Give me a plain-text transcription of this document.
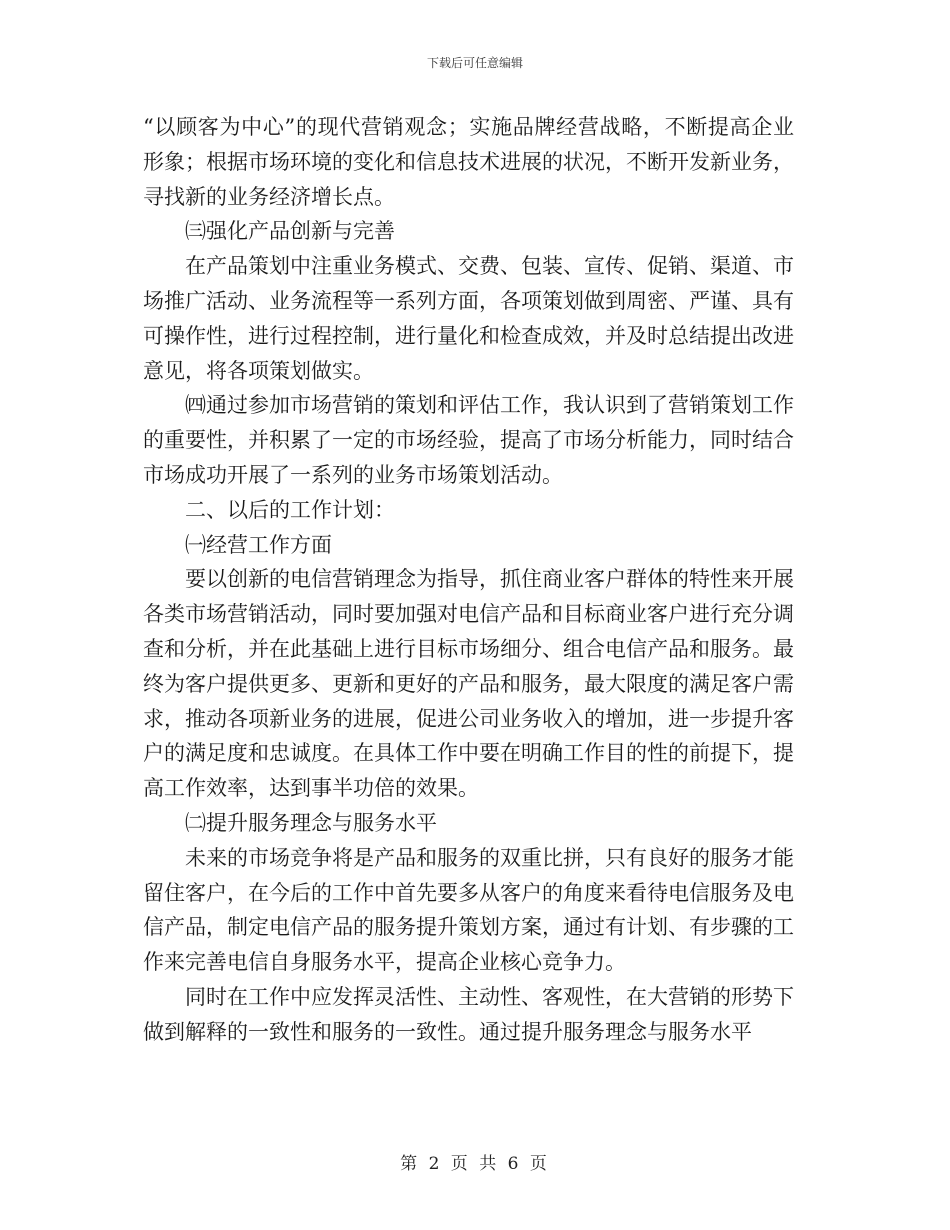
下载后可任意编辑

“以顾客为中心”的现代营销观念；实施品牌经营战略，不断提高企业形象；根据市场环境的变化和信息技术进展的状况，不断开发新业务，寻找新的业务经济增长点。

㈢强化产品创新与完善

在产品策划中注重业务模式、交费、包装、宣传、促销、渠道、市场推广活动、业务流程等一系列方面，各项策划做到周密、严谨、具有可操作性，进行过程控制，进行量化和检查成效，并及时总结提出改进意见，将各项策划做实。

㈣通过参加市场营销的策划和评估工作，我认识到了营销策划工作的重要性，并积累了一定的市场经验，提高了市场分析能力，同时结合市场成功开展了一系列的业务市场策划活动。

二、以后的工作计划：

㈠经营工作方面

要以创新的电信营销理念为指导，抓住商业客户群体的特性来开展各类市场营销活动，同时要加强对电信产品和目标商业客户进行充分调查和分析，并在此基础上进行目标市场细分、组合电信产品和服务。最终为客户提供更多、更新和更好的产品和服务，最大限度的满足客户需求，推动各项新业务的进展，促进公司业务收入的增加，进一步提升客户的满足度和忠诚度。在具体工作中要在明确工作目的性的前提下，提高工作效率，达到事半功倍的效果。

㈡提升服务理念与服务水平

未来的市场竞争将是产品和服务的双重比拼，只有良好的服务才能留住客户，在今后的工作中首先要多从客户的角度来看待电信服务及电信产品，制定电信产品的服务提升策划方案，通过有计划、有步骤的工作来完善电信自身服务水平，提高企业核心竞争力。

同时在工作中应发挥灵活性、主动性、客观性，在大营销的形势下做到解释的一致性和服务的一致性。通过提升服务理念与服务水平

第 2 页 共 6 页
